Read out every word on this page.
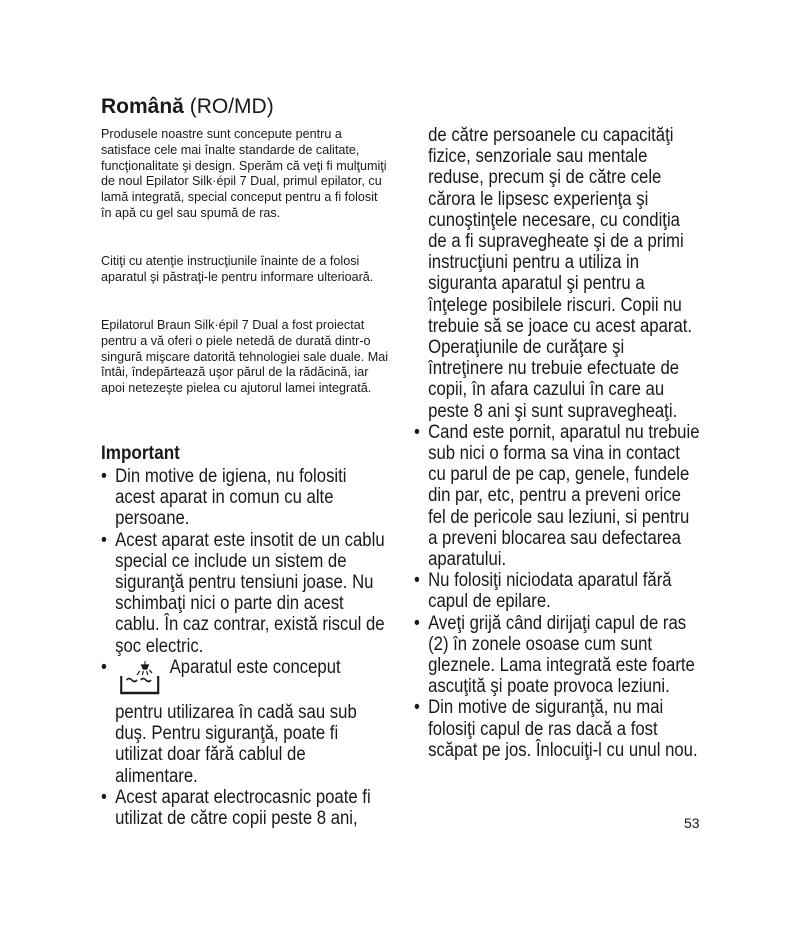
Română (RO/MD)

Produsele noastre sunt concepute pentru a satisface cele mai înalte standarde de calitate, funcţionalitate şi design. Sperăm că veţi fi mulţumiţi de noul Epilator Silk·épil 7 Dual, primul epilator, cu lamă integrată, special conceput pentru a fi folosit în apă cu gel sau spumă de ras.

Citiţi cu atenţie instrucţiunile înainte de a folosi aparatul şi păstraţi-le pentru informare ulterioară.

Epilatorul Braun Silk·épil 7 Dual a fost proiectat pentru a vă oferi o piele netedă de durată dintr-o singură mişcare datorită tehnologiei sale duale. Mai întâi, îndepărtează uşor părul de la rădăcină, iar apoi netezeşte pielea cu ajutorul lamei integrată.

Important
• Din motive de igiena, nu folositi acest aparat in comun cu alte persoane.
• Acest aparat este insotit de un cablu special ce include un sistem de siguranţă pentru tensiuni joase. Nu schimbaţi nici o parte din acest cablu. În caz contrar, există riscul de şoc electric.
•	Aparatul este conceput pentru utilizarea în cadă sau sub duş. Pentru siguranţă, poate fi utilizat doar fără cablul de alimentare.
• Acest aparat electrocasnic poate fi utilizat de către copii peste 8 ani,
de către persoanele cu capacităţi fizice, senzoriale sau mentale reduse, precum şi de către cele cărora le lipsesc experienţa şi cunoştinţele necesare, cu condiţia de a fi supravegheate şi de a primi instrucţiuni pentru a utiliza in siguranta aparatul şi pentru a înţelege posibilele riscuri. Copii nu trebuie să se joace cu acest aparat. Operaţiunile de curăţare şi întreţinere nu trebuie efectuate de copii, în afara cazului în care au peste 8 ani şi sunt supravegheaţi.
• Cand este pornit, aparatul nu trebuie sub nici o forma sa vina in contact cu parul de pe cap, genele, fundele din par, etc, pentru a preveni orice fel de pericole sau leziuni, si pentru a preveni blocarea sau defectarea aparatului.
• Nu folosiţi niciodata aparatul fără capul de epilare.
• Aveţi grijă când dirijaţi capul de ras (2) în zonele osoase cum sunt gleznele. Lama integrată este foarte ascuţită şi poate provoca leziuni.
• Din motive de siguranţă, nu mai folosiţi capul de ras dacă a fost scăpat pe jos. Înlocuiţi-l cu unul nou.
53
